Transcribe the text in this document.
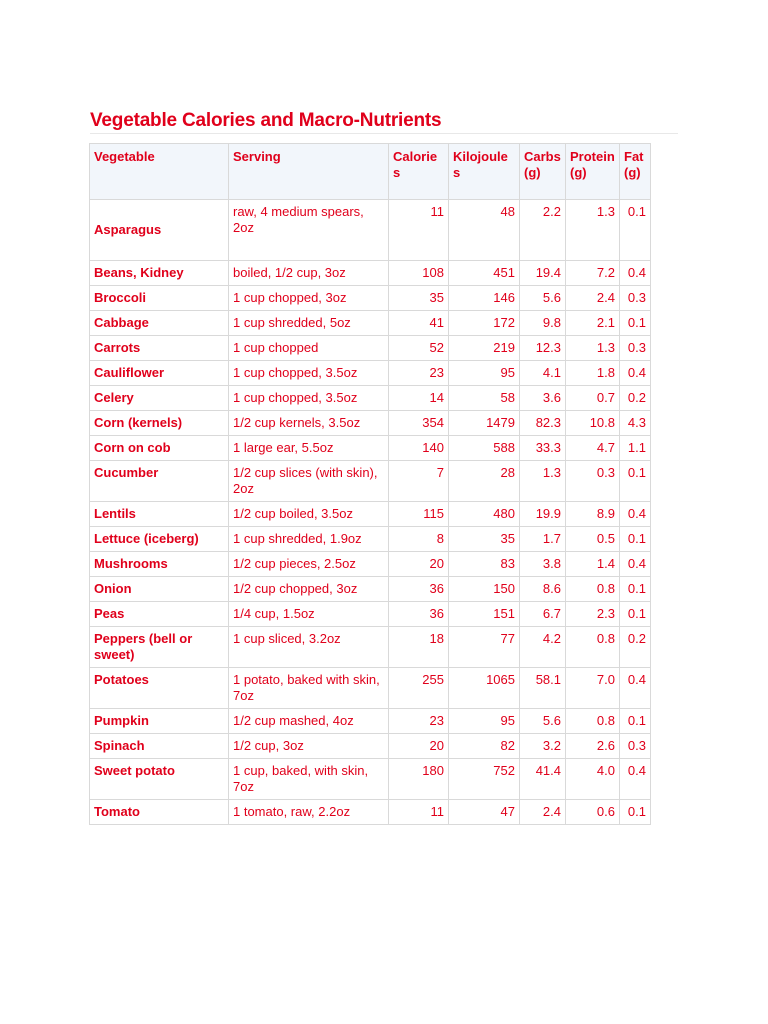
Vegetable Calories and Macro-Nutrients
Vegetable	Serving	Calories	Kilojoules	Carbs (g)	Protein (g)	Fat (g)
Asparagus	raw, 4 medium spears, 2oz	11	48	2.2	1.3	0.1
Beans, Kidney	boiled, 1/2 cup, 3oz	108	451	19.4	7.2	0.4
Broccoli	1 cup chopped, 3oz	35	146	5.6	2.4	0.3
Cabbage	1 cup shredded, 5oz	41	172	9.8	2.1	0.1
Carrots	1 cup chopped	52	219	12.3	1.3	0.3
Cauliflower	1 cup chopped, 3.5oz	23	95	4.1	1.8	0.4
Celery	1 cup chopped, 3.5oz	14	58	3.6	0.7	0.2
Corn (kernels)	1/2 cup kernels, 3.5oz	354	1479	82.3	10.8	4.3
Corn on cob	1 large ear, 5.5oz	140	588	33.3	4.7	1.1
Cucumber	1/2 cup slices (with skin), 2oz	7	28	1.3	0.3	0.1
Lentils	1/2 cup boiled, 3.5oz	115	480	19.9	8.9	0.4
Lettuce (iceberg)	1 cup shredded, 1.9oz	8	35	1.7	0.5	0.1
Mushrooms	1/2 cup pieces, 2.5oz	20	83	3.8	1.4	0.4
Onion	1/2 cup chopped, 3oz	36	150	8.6	0.8	0.1
Peas	1/4 cup, 1.5oz	36	151	6.7	2.3	0.1
Peppers (bell or sweet)	1 cup sliced, 3.2oz	18	77	4.2	0.8	0.2
Potatoes	1 potato, baked with skin, 7oz	255	1065	58.1	7.0	0.4
Pumpkin	1/2 cup mashed, 4oz	23	95	5.6	0.8	0.1
Spinach	1/2 cup, 3oz	20	82	3.2	2.6	0.3
Sweet potato	1 cup, baked, with skin, 7oz	180	752	41.4	4.0	0.4
Tomato	1 tomato, raw, 2.2oz	11	47	2.4	0.6	0.1
